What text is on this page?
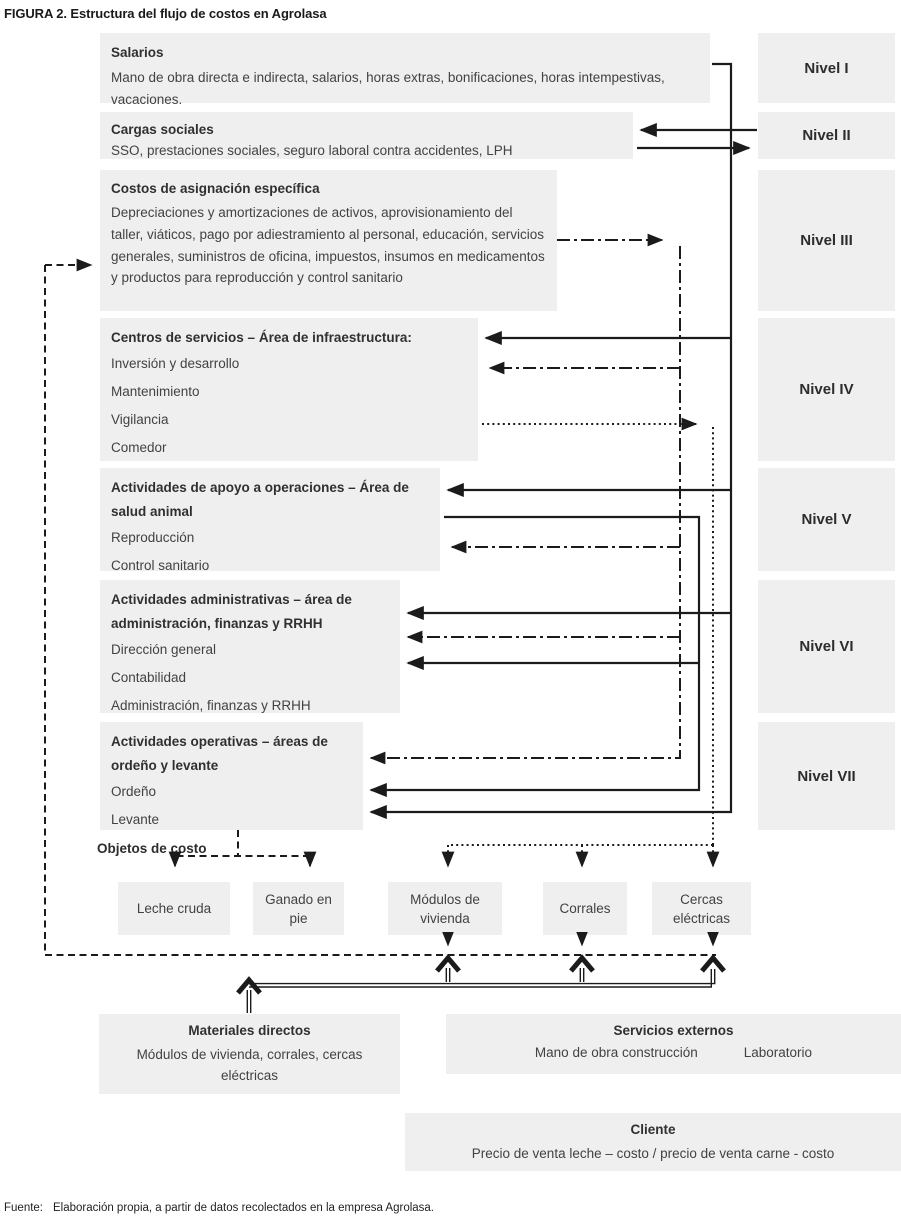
FIGURA 2. Estructura del flujo de costos en Agrolasa
Salarios
Mano de obra directa e indirecta, salarios, horas extras, bonificaciones, horas intempestivas, vacaciones.
Cargas sociales
SSO, prestaciones sociales, seguro laboral contra accidentes, LPH
Costos de asignación específica
Depreciaciones y amortizaciones de activos, aprovisionamiento del taller, viáticos, pago por adiestramiento al personal, educación, servicios generales, suministros de oficina, impuestos, insumos en medicamentos y productos para reproducción y control sanitario
Centros de servicios – Área de infraestructura:
Inversión y desarrollo
Mantenimiento
Vigilancia
Comedor
Actividades de apoyo a operaciones – Área de salud animal
Reproducción
Control sanitario
Actividades administrativas – área de administración, finanzas y RRHH
Dirección general
Contabilidad
Administración, finanzas y RRHH
Actividades operativas – áreas de ordeño y levante
Ordeño
Levante
Nivel I
Nivel II
Nivel III
Nivel IV
Nivel V
Nivel VI
Nivel VII
Objetos de costo
Leche cruda
Ganado en pie
Módulos de vivienda
Corrales
Cercas eléctricas
Materiales directos
Módulos de vivienda, corrales, cercas eléctricas
Servicios externos
Mano de obra construcción	Laboratorio
Cliente
Precio de venta leche – costo / precio de venta carne - costo
Fuente: Elaboración propia, a partir de datos recolectados en la empresa Agrolasa.
